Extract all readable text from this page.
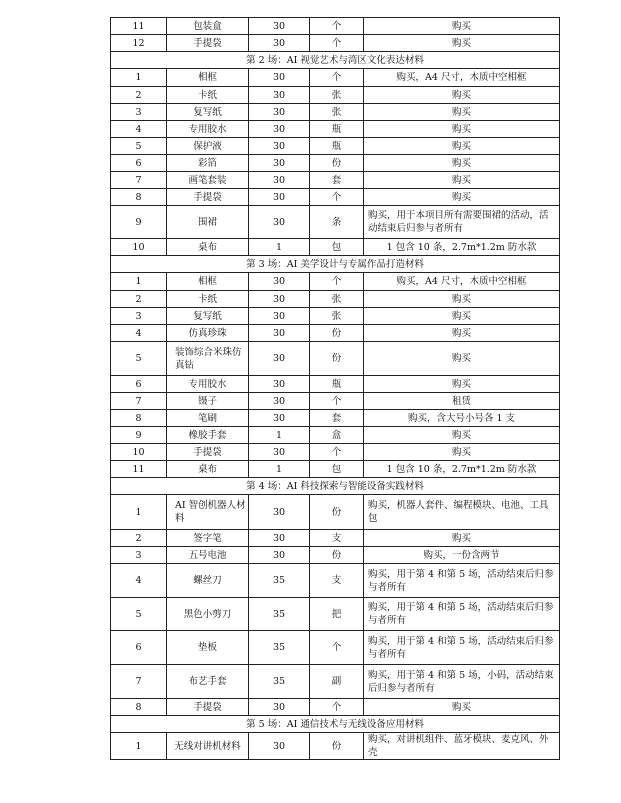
11	包装盒	30	个	购买
12	手提袋	30	个	购买
第 2 场：AI 视觉艺术与湾区文化表达材料				
1	相框	30	个	购买，A4 尺寸，木质中空相框
2	卡纸	30	张	购买
3	复写纸	30	张	购买
4	专用胶水	30	瓶	购买
5	保护液	30	瓶	购买
6	彩箔	30	份	购买
7	画笔套装	30	套	购买
8	手提袋	30	个	购买
9	围裙	30	条	购买，用于本项目所有需要围裙的活动，活动结束后归参与者所有
10	桌布	1	包	1 包含 10 条，2.7m*1.2m 防水款
第 3 场：AI 美学设计与专属作品打造材料				
1	相框	30	个	购买，A4 尺寸，木质中空相框
2	卡纸	30	张	购买
3	复写纸	30	张	购买
4	仿真珍珠	30	份	购买
5	装饰综合米珠仿真钻	30	份	购买
6	专用胶水	30	瓶	购买
7	镊子	30	个	租赁
8	笔刷	30	套	购买，含大号小号各 1 支
9	橡胶手套	1	盒	购买
10	手提袋	30	个	购买
11	桌布	1	包	1 包含 10 条，2.7m*1.2m 防水款
第 4 场：AI 科技探索与智能设备实践材料				
1	AI 智创机器人材料	30	份	购买，机器人套件、编程模块、电池、工具包
2	签字笔	30	支	购买
3	五号电池	30	份	购买，一份含两节
4	螺丝刀	35	支	购买，用于第 4 和第 5 场，活动结束后归参与者所有
5	黑色小剪刀	35	把	购买，用于第 4 和第 5 场，活动结束后归参与者所有
6	垫板	35	个	购买，用于第 4 和第 5 场，活动结束后归参与者所有
7	布艺手套	35	副	购买，用于第 4 和第 5 场，小码，活动结束后归参与者所有
8	手提袋	30	个	购买
第 5 场：AI 通信技术与无线设备应用材料				
1	无线对讲机材料	30	份	购买，对讲机组件、蓝牙模块、麦克风、外壳
